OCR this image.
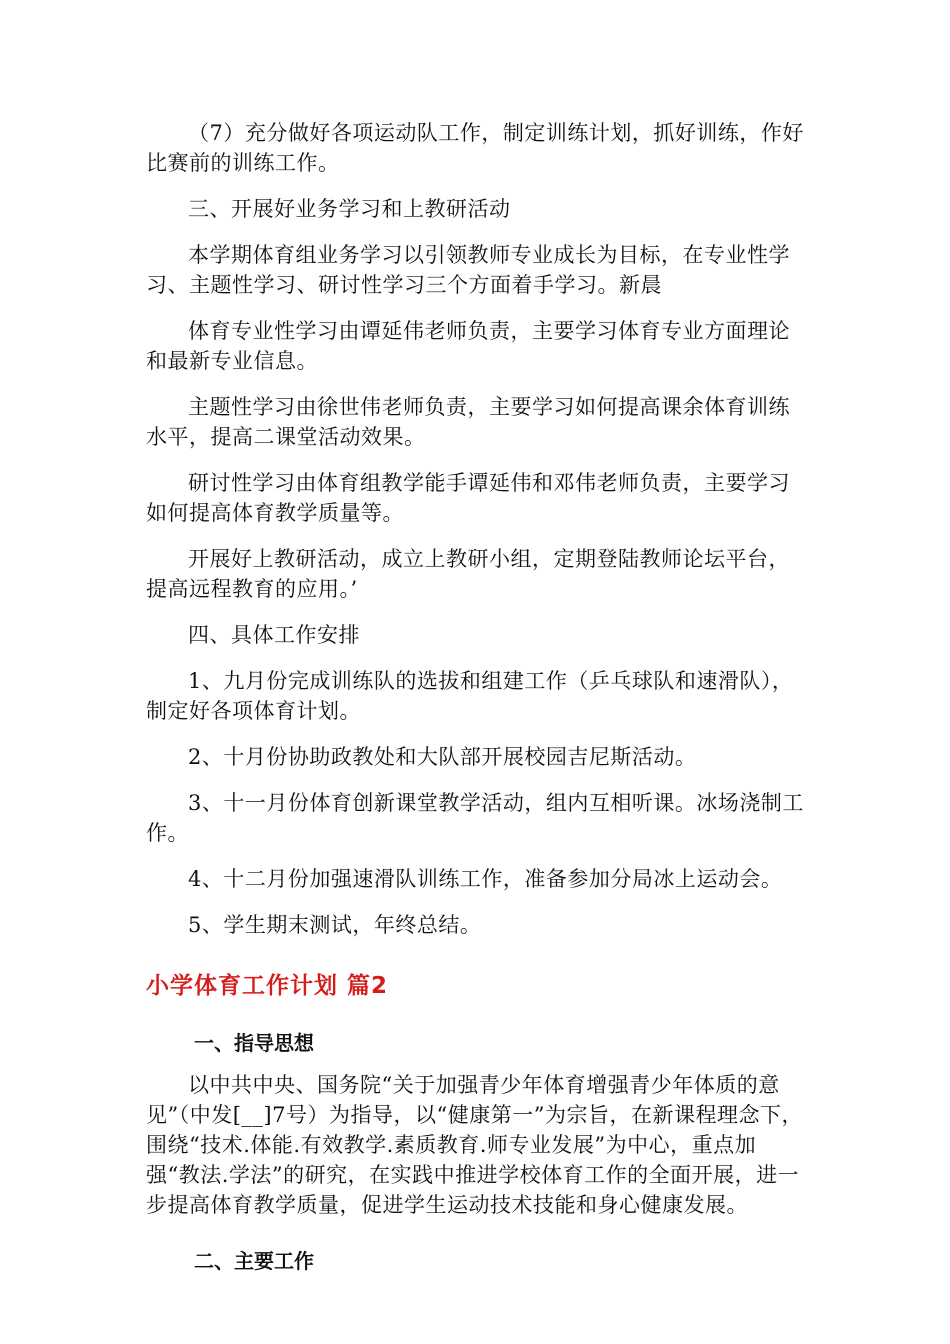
（7）充分做好各项运动队工作，制定训练计划，抓好训练，作好比赛前的训练工作。

三、开展好业务学习和上教研活动

本学期体育组业务学习以引领教师专业成长为目标，在专业性学习、主题性学习、研讨性学习三个方面着手学习。新晨

体育专业性学习由谭延伟老师负责，主要学习体育专业方面理论和最新专业信息。

主题性学习由徐世伟老师负责，主要学习如何提高课余体育训练水平，提高二课堂活动效果。

研讨性学习由体育组教学能手谭延伟和邓伟老师负责，主要学习如何提高体育教学质量等。

开展好上教研活动，成立上教研小组，定期登陆教师论坛平台，提高远程教育的应用。’

四、具体工作安排

1、九月份完成训练队的选拔和组建工作（乒乓球队和速滑队），制定好各项体育计划。

2、十月份协助政教处和大队部开展校园吉尼斯活动。

3、十一月份体育创新课堂教学活动，组内互相听课。冰场浇制工作。

4、十二月份加强速滑队训练工作，准备参加分局冰上运动会。

5、学生期末测试，年终总结。

小学体育工作计划 篇2
一、指导思想

以中共中央、国务院“关于加强青少年体育增强青少年体质的意见”（中发[__]7号）为指导，以“健康第一”为宗旨，在新课程理念下，围绕“技术.体能.有效教学.素质教育.师专业发展”为中心，重点加强“教法.学法”的研究，在实践中推进学校体育工作的全面开展，进一步提高体育教学质量，促进学生运动技术技能和身心健康发展。

二、主要工作
